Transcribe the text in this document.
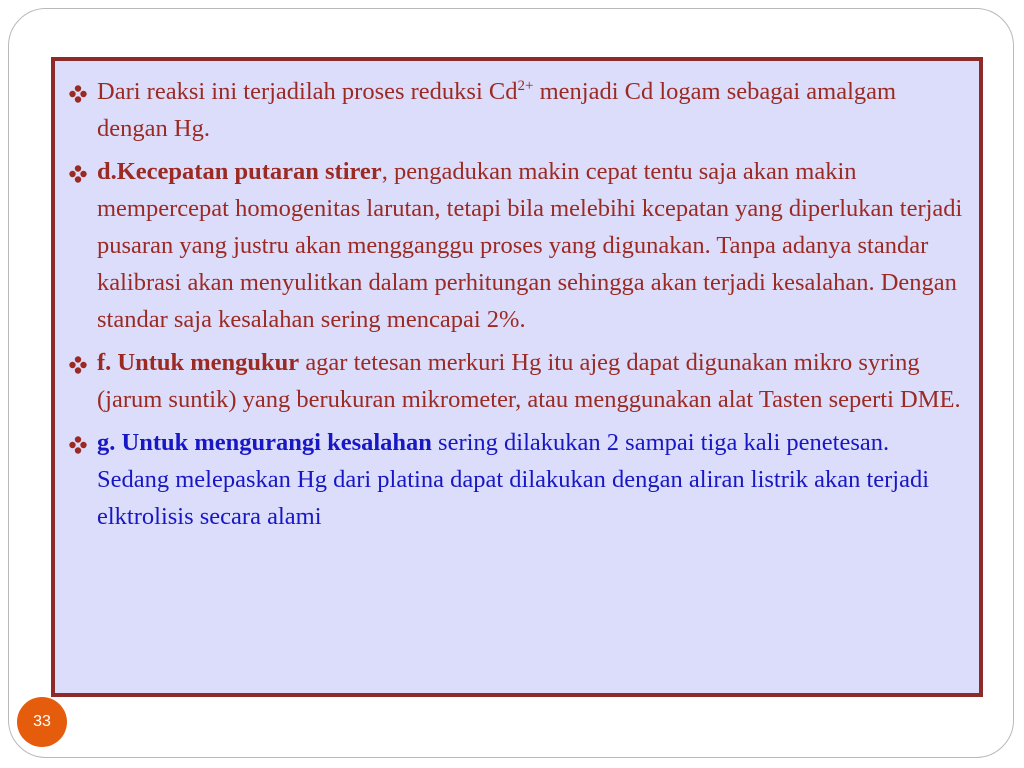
Dari reaksi ini terjadilah proses reduksi $Cd^{2+}$ menjadi Cd logam sebagai amalgam dengan Hg.
d.Kecepatan putaran stirer, pengadukan makin cepat tentu saja akan makin mempercepat homogenitas larutan, tetapi bila melebihi kcepatan yang diperlukan terjadi pusaran yang justru akan mengganggu proses yang digunakan. Tanpa adanya standar kalibrasi akan menyulitkan dalam perhitungan sehingga akan terjadi kesalahan. Dengan standar saja kesalahan sering mencapai 2%.
f. Untuk mengukur agar tetesan merkuri Hg itu ajeg dapat digunakan mikro syring (jarum suntik) yang berukuran mikrometer, atau menggunakan alat Tasten seperti DME.
g. Untuk mengurangi kesalahan sering dilakukan 2 sampai tiga kali penetesan. Sedang melepaskan Hg dari platina dapat dilakukan dengan aliran listrik akan terjadi elktrolisis secara alami
33
